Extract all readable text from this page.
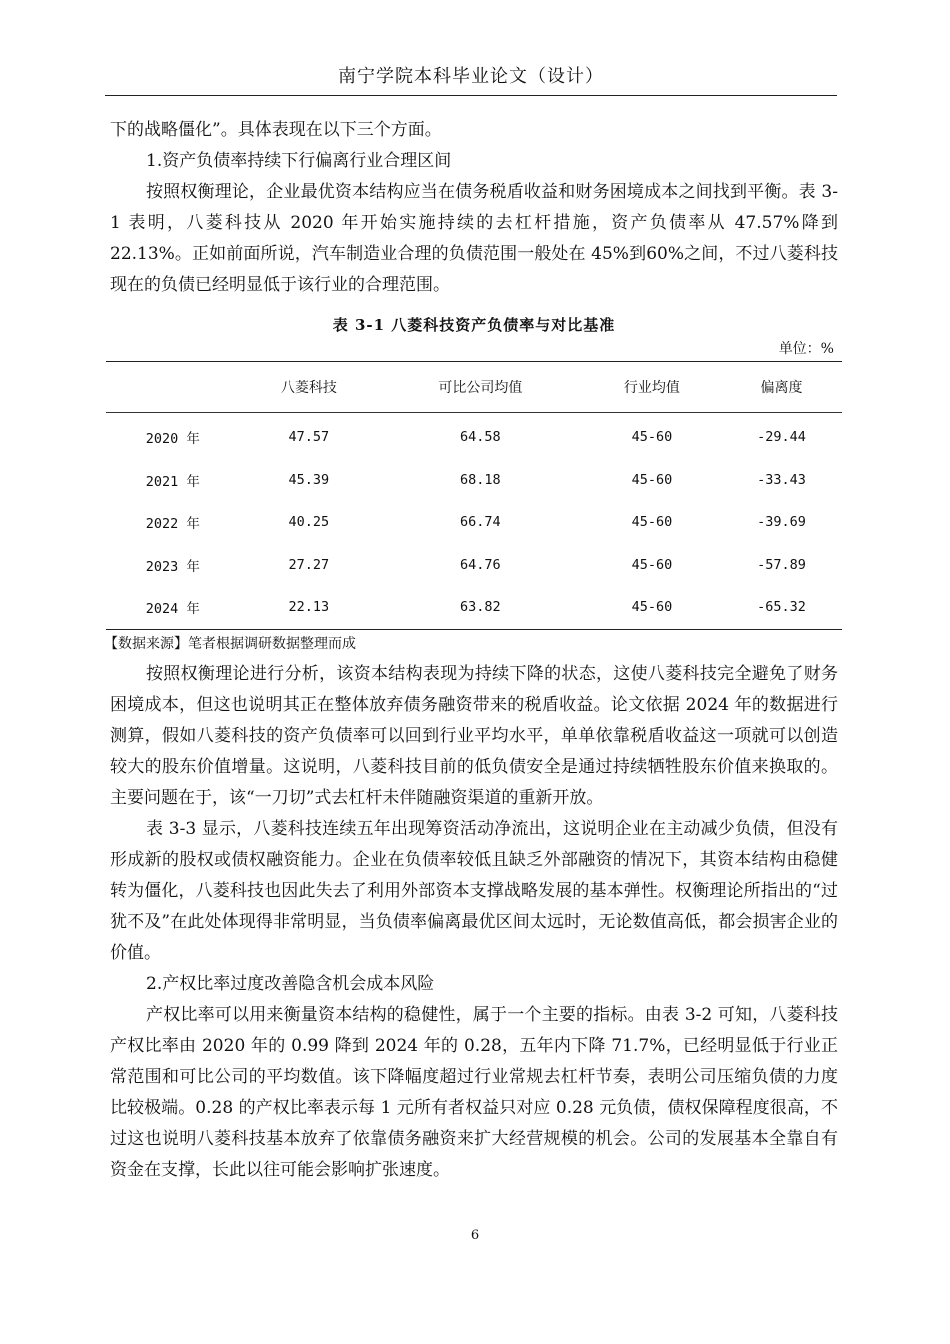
南宁学院本科毕业论文（设计）

下的战略僵化”。具体表现在以下三个方面。

1.资产负债率持续下行偏离行业合理区间

按照权衡理论，企业最优资本结构应当在债务税盾收益和财务困境成本之间找到平衡。表 3-1 表明，八菱科技从 2020 年开始实施持续的去杠杆措施，资产负债率从 47.57%降到 22.13%。正如前面所说，汽车制造业合理的负债范围一般处在 45%到60%之间，不过八菱科技现在的负债已经明显低于该行业的合理范围。

表 3-1 八菱科技资产负债率与对比基准
单位：%
	八菱科技	可比公司均值	行业均值	偏离度
2020 年	47.57	64.58	45-60	-29.44
2021 年	45.39	68.18	45-60	-33.43
2022 年	40.25	66.74	45-60	-39.69
2023 年	27.27	64.76	45-60	-57.89
2024 年	22.13	63.82	45-60	-65.32
【数据来源】笔者根据调研数据整理而成

按照权衡理论进行分析，该资本结构表现为持续下降的状态，这使八菱科技完全避免了财务困境成本，但这也说明其正在整体放弃债务融资带来的税盾收益。论文依据 2024 年的数据进行测算，假如八菱科技的资产负债率可以回到行业平均水平，单单依靠税盾收益这一项就可以创造较大的股东价值增量。这说明，八菱科技目前的低负债安全是通过持续牺牲股东价值来换取的。主要问题在于，该“一刀切”式去杠杆未伴随融资渠道的重新开放。

表 3-3 显示，八菱科技连续五年出现筹资活动净流出，这说明企业在主动减少负债，但没有形成新的股权或债权融资能力。企业在负债率较低且缺乏外部融资的情况下，其资本结构由稳健转为僵化，八菱科技也因此失去了利用外部资本支撑战略发展的基本弹性。权衡理论所指出的“过犹不及”在此处体现得非常明显，当负债率偏离最优区间太远时，无论数值高低，都会损害企业的价值。

2.产权比率过度改善隐含机会成本风险

产权比率可以用来衡量资本结构的稳健性，属于一个主要的指标。由表 3-2 可知，八菱科技产权比率由 2020 年的 0.99 降到 2024 年的 0.28，五年内下降 71.7%，已经明显低于行业正常范围和可比公司的平均数值。该下降幅度超过行业常规去杠杆节奏，表明公司压缩负债的力度比较极端。0.28 的产权比率表示每 1 元所有者权益只对应 0.28 元负债，债权保障程度很高，不过这也说明八菱科技基本放弃了依靠债务融资来扩大经营规模的机会。公司的发展基本全靠自有资金在支撑，长此以往可能会影响扩张速度。

6
